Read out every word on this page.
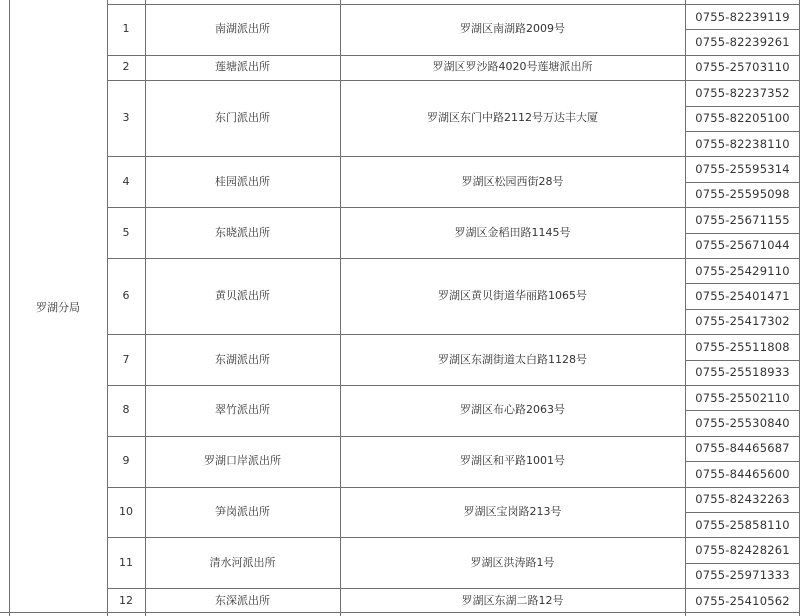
罗湖分局
1	南湖派出所	罗湖区南湖路2009号
0755-82239119
0755-82239261
2	莲塘派出所	罗湖区罗沙路4020号莲塘派出所	0755-25703110
3	东门派出所	罗湖区东门中路2112号万达丰大厦
0755-82237352
0755-82205100
0755-82238110
4	桂园派出所	罗湖区松园西街28号
0755-25595314
0755-25595098
5	东晓派出所	罗湖区金稻田路1145号
0755-25671155
0755-25671044
6	黄贝派出所	罗湖区黄贝街道华丽路1065号
0755-25429110
0755-25401471
0755-25417302
7	东湖派出所	罗湖区东湖街道太白路1128号
0755-25511808
0755-25518933
8	翠竹派出所	罗湖区布心路2063号
0755-25502110
0755-25530840
9	罗湖口岸派出所	罗湖区和平路1001号
0755-84465687
0755-84465600
10	笋岗派出所	罗湖区宝岗路213号
0755-82432263
0755-25858110
11	清水河派出所	罗湖区洪涛路1号
0755-82428261
0755-25971333
12	东深派出所	罗湖区东湖二路12号	0755-25410562
